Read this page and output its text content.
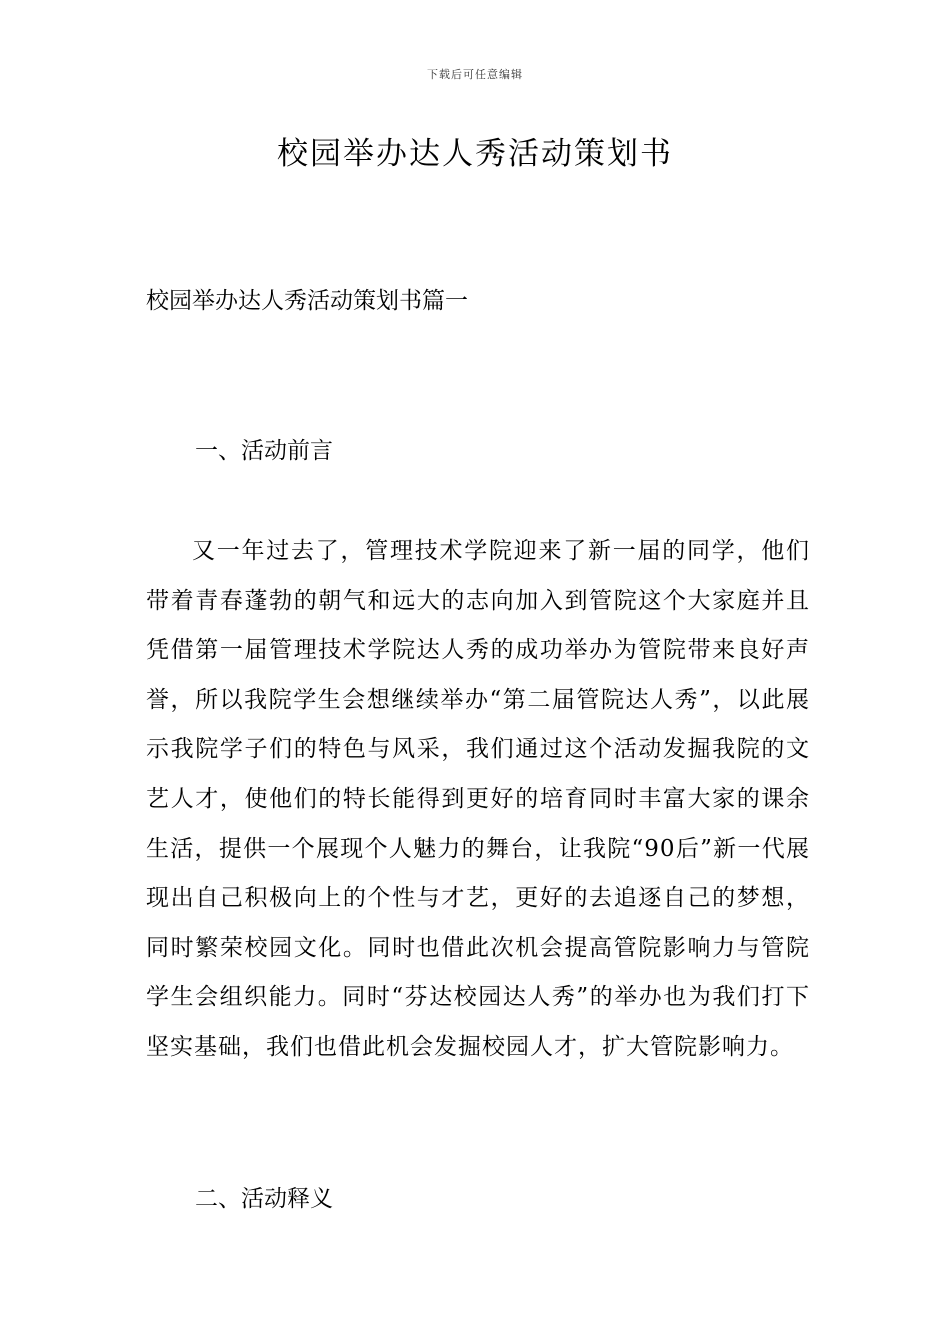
下载后可任意编辑
校园举办达人秀活动策划书
校园举办达人秀活动策划书篇一
一、活动前言

又一年过去了，管理技术学院迎来了新一届的同学，他们带着青春蓬勃的朝气和远大的志向加入到管院这个大家庭并且凭借第一届管理技术学院达人秀的成功举办为管院带来良好声誉，所以我院学生会想继续举办“第二届管院达人秀”，以此展示我院学子们的特色与风采，我们通过这个活动发掘我院的文艺人才，使他们的特长能得到更好的培育同时丰富大家的课余生活，提供一个展现个人魅力的舞台，让我院“90后”新一代展现出自己积极向上的个性与才艺，更好的去追逐自己的梦想，同时繁荣校园文化。同时也借此次机会提高管院影响力与管院学生会组织能力。同时“芬达校园达人秀”的举办也为我们打下坚实基础，我们也借此机会发掘校园人才，扩大管院影响力。

二、活动释义
